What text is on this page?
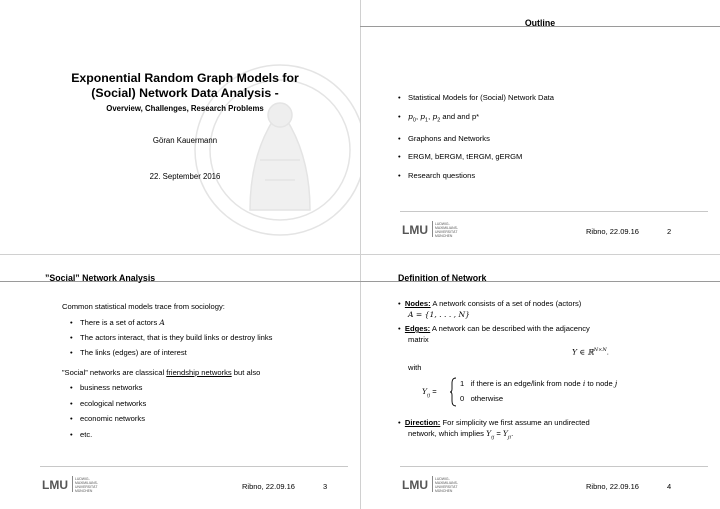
Exponential Random Graph Models for
(Social) Network Data Analysis -
Overview, Challenges, Research Problems
Göran Kauermann
22. September 2016
Outline
• Statistical Models for (Social) Network Data
• $p_0$, $p_1$, $p_2$ and and p*
• Graphons and Networks
• ERGM, bERGM, tERGM, gERGM
• Research questions
LMU LUDWIG-
MAXIMILIANS-
UNIVERSITÄT
MÜNCHEN	Ribno, 22.09.16	2
”Social” Network Analysis
Common statistical models trace from sociology:
• There is a set of actors A
• The actors interact, that is they build links or destroy links
• The links (edges) are of interest
”Social” networks are classical friendship networks but also
• business networks
• ecological networks
• economic networks
• etc.
LMU LUDWIG-
MAXIMILIANS-
UNIVERSITÄT
MÜNCHEN	Ribno, 22.09.16	3
Definition of Network
•  Nodes: A network consists of a set of nodes (actors)
A = {1, . . . , N}
•  Edges: A network can be described with the adjacency
matrix
Y ∈ ℝ$^{N\times N}$.
with
$Y_{ij}$ =
1 if there is an edge/link from node i to node j
0 otherwise
•  Direction: For simplicity we first assume an undirected
network, which implies $Y_{ij} = Y_{ji}$.
LMU LUDWIG-
MAXIMILIANS-
UNIVERSITÄT
MÜNCHEN	Ribno, 22.09.16	4
